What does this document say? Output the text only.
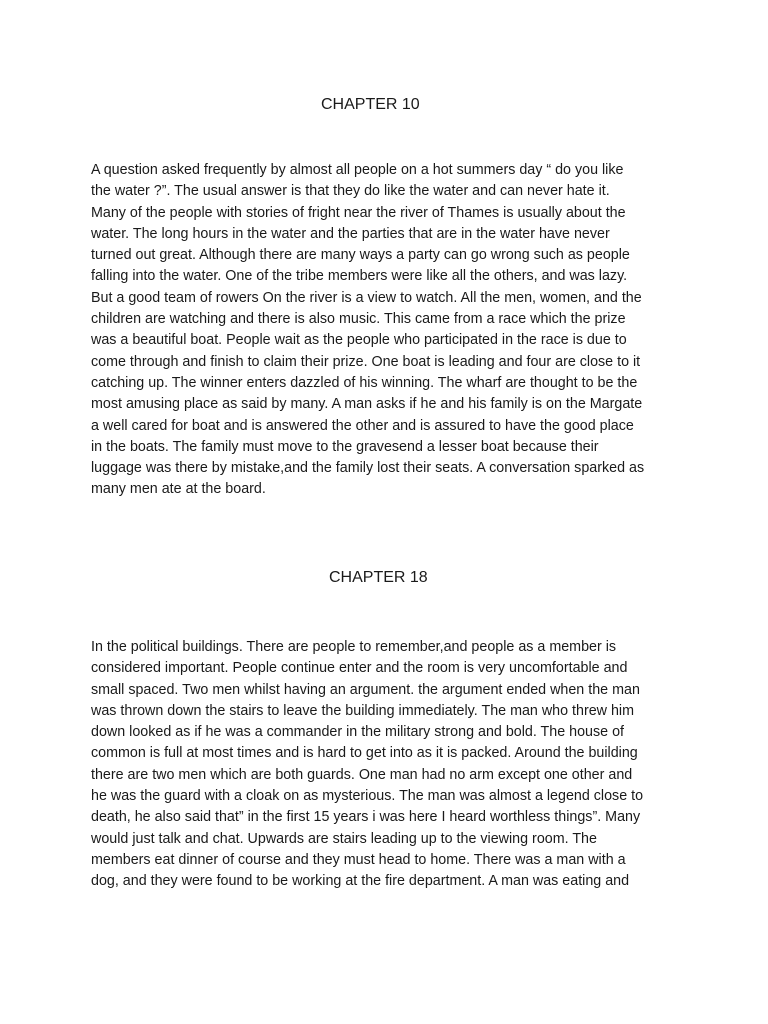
CHAPTER 10

A question asked frequently by almost all people on a hot summers day “ do you like
the water ?”. The usual answer is that they do like the water and can never hate it.
Many of the people with stories of fright near the river of Thames is usually about the
water. The long hours in the water and the parties that are in the water have never
turned out great. Although there are many ways a party can go wrong such as people
falling into the water. One of the tribe members were like all the others, and was lazy.
But a good team of rowers On the river is a view to watch. All the men, women, and the
children are watching and there is also music. This came from a race which the prize
was a beautiful boat. People wait as the people who participated in the race is due to
come through and finish to claim their prize. One boat is leading and four are close to it
catching up. The winner enters dazzled of his winning. The wharf are thought to be the
most amusing place as said by many. A man asks if he and his family is on the Margate
a well cared for boat and is answered the other and is assured to have the good place
in the boats. The family must move to the gravesend a lesser boat because their
luggage was there by mistake,and the family lost their seats. A conversation sparked as
many men ate at the board.

CHAPTER 18

In the political buildings. There are people to remember,and people as a member is
considered important. People continue enter and the room is very uncomfortable and
small spaced. Two men whilst having an argument. the argument ended when the man
was thrown down the stairs to leave the building immediately. The man who threw him
down looked as if he was a commander in the military strong and bold. The house of
common is full at most times and is hard to get into as it is packed. Around the building
there are two men which are both guards. One man had no arm except one other and
he was the guard with a cloak on as mysterious. The man was almost a legend close to
death, he also said that” in the first 15 years i was here I heard worthless things”. Many
would just talk and chat. Upwards are stairs leading up to the viewing room. The
members eat dinner of course and they must head to home. There was a man with a
dog, and they were found to be working at the fire department. A man was eating and
